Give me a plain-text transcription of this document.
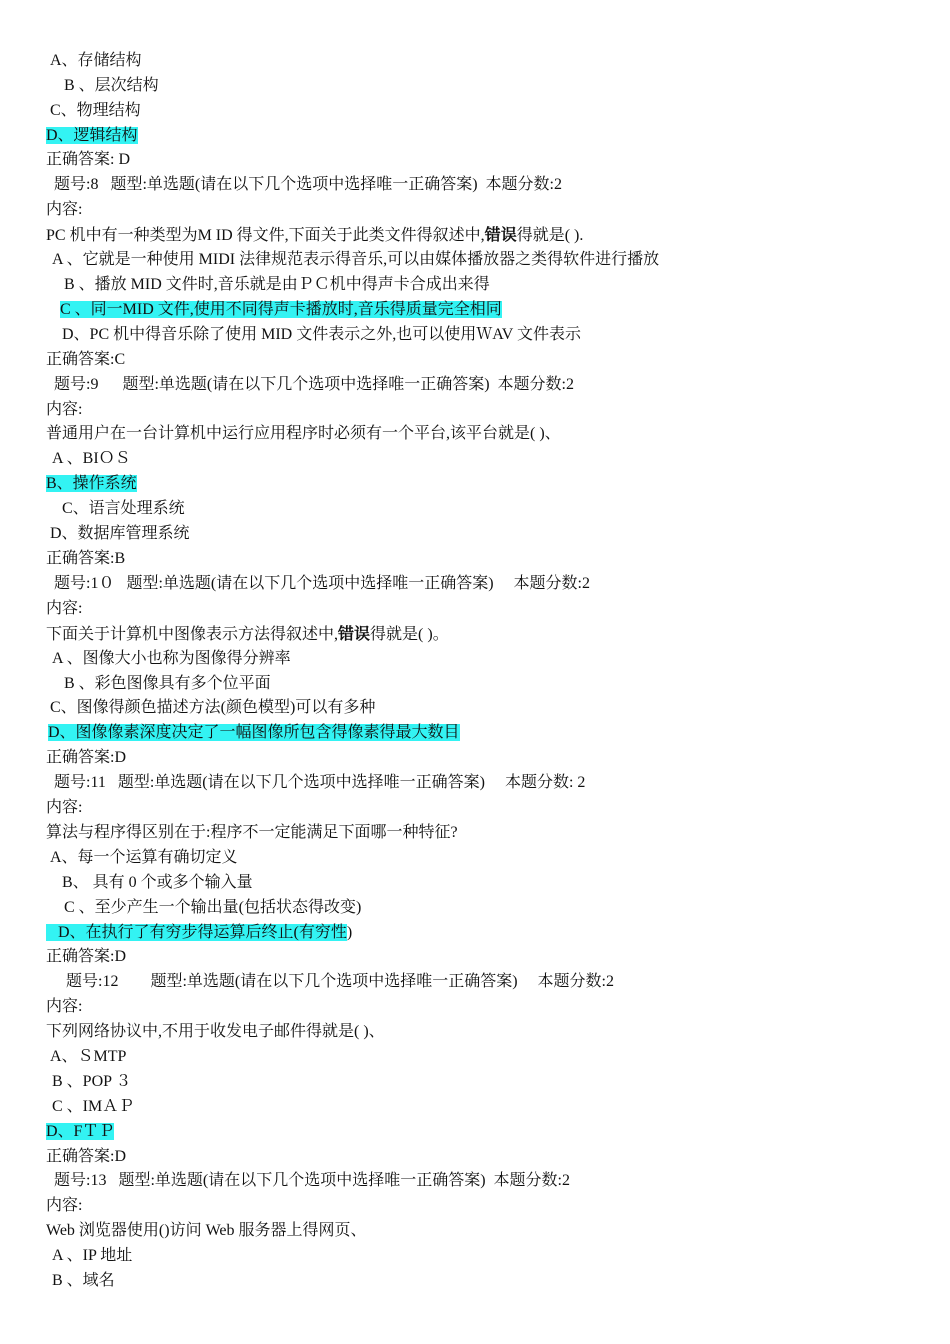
A、存储结构
B 、层次结构
C、物理结构
D、逻辑结构
正确答案: D
题号:8   题型:单选题(请在以下几个选项中选择唯一正确答案)  本题分数:2
内容:
PC 机中有一种类型为M ID 得文件,下面关于此类文件得叙述中,错误得就是( ).
A 、它就是一种使用 MIDI 法律规范表示得音乐,可以由媒体播放器之类得软件进行播放
B 、播放 MID 文件时,音乐就是由ＰＣ机中得声卡合成出来得
C 、同一MID 文件,使用不同得声卡播放时,音乐得质量完全相同
D、PC 机中得音乐除了使用 MID 文件表示之外,也可以使用ＷAV 文件表示
正确答案:C
题号:9      题型:单选题(请在以下几个选项中选择唯一正确答案)  本题分数:2
内容:
普通用户在一台计算机中运行应用程序时必须有一个平台,该平台就是( )、
A 、BIＯＳ
B、操作系统
C、语言处理系统
D、数据库管理系统
正确答案:B
题号:1０   题型:单选题(请在以下几个选项中选择唯一正确答案)     本题分数:2
内容:
下面关于计算机中图像表示方法得叙述中,错误得就是( )。
A 、图像大小也称为图像得分辨率
B 、彩色图像具有多个位平面
C、图像得颜色描述方法(颜色模型)可以有多种
D、图像像素深度决定了一幅图像所包含得像素得最大数目
正确答案:D
题号:11   题型:单选题(请在以下几个选项中选择唯一正确答案)     本题分数: 2
内容:
算法与程序得区别在于:程序不一定能满足下面哪一种特征?
A、每一个运算有确切定义
B、 具有 0 个或多个输入量
C 、至少产生一个输出量(包括状态得改变)
D、在执行了有穷步得运算后终止(有穷性)
正确答案:D
题号:12        题型:单选题(请在以下几个选项中选择唯一正确答案)     本题分数:2
内容:
下列网络协议中,不用于收发电子邮件得就是( )、
A、ＳMTP
B 、POP ３
C 、IMＡＰ
D、FＴＰ
正确答案:D
题号:13   题型:单选题(请在以下几个选项中选择唯一正确答案)  本题分数:2
内容:
Web 浏览器使用()访问 Web 服务器上得网页、
A 、IP 地址
B 、域名
